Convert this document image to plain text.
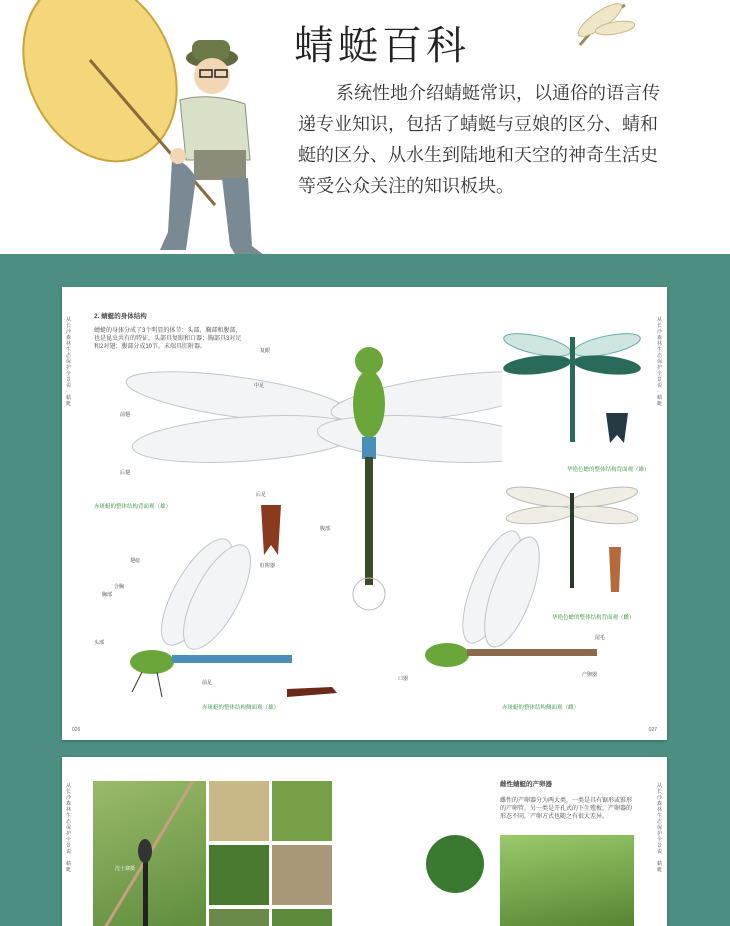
蜻蜓百科
系统性地介绍蜻蜓常识，以通俗的语言传递专业知识，包括了蜻蜓与豆娘的区分、蜻和蜓的区分、从水生到陆地和天空的神奇生活史等受公众关注的知识板块。
从长沙森林生态保护全景说·蜻蜓
从长沙森林生态保护全景说·蜻蜓
2. 蜻蜓的身体结构
蜻蜓的身体分成了3个明显的体节：头部、胸部和腹部，也是昆虫共有的特征。头部具复眼和口器；胸部具3对足和2对翅；腹部分成10节，末端具肛附器。
华艳色蟌的整体结构背面观（雄）
华艳色蟌的整体结构背面观（雌）
赤斑蜓的整体结构背面观（雄）
赤斑蜓的整体结构侧面观（雄）	赤斑蜓的整体结构侧面观（雌）
复眼
中足
前翅
后翅
后足
腹部
肛附器
翅痣
头部
胸部
合胸
尾毛
产卵器
前足
口器
026	027
从长沙森林生态保护全景说·蜻蜓
从长沙森林生态保护全景说·蜻蜓
沈士寨摄
雌性蜻蜓的产卵器
雌性的产卵器分为两大类，一类是具有锯形或锥形的产卵管，另一类是开孔式的下生殖板，产卵器的形态不同，产卵方式也随之有很大差异。
